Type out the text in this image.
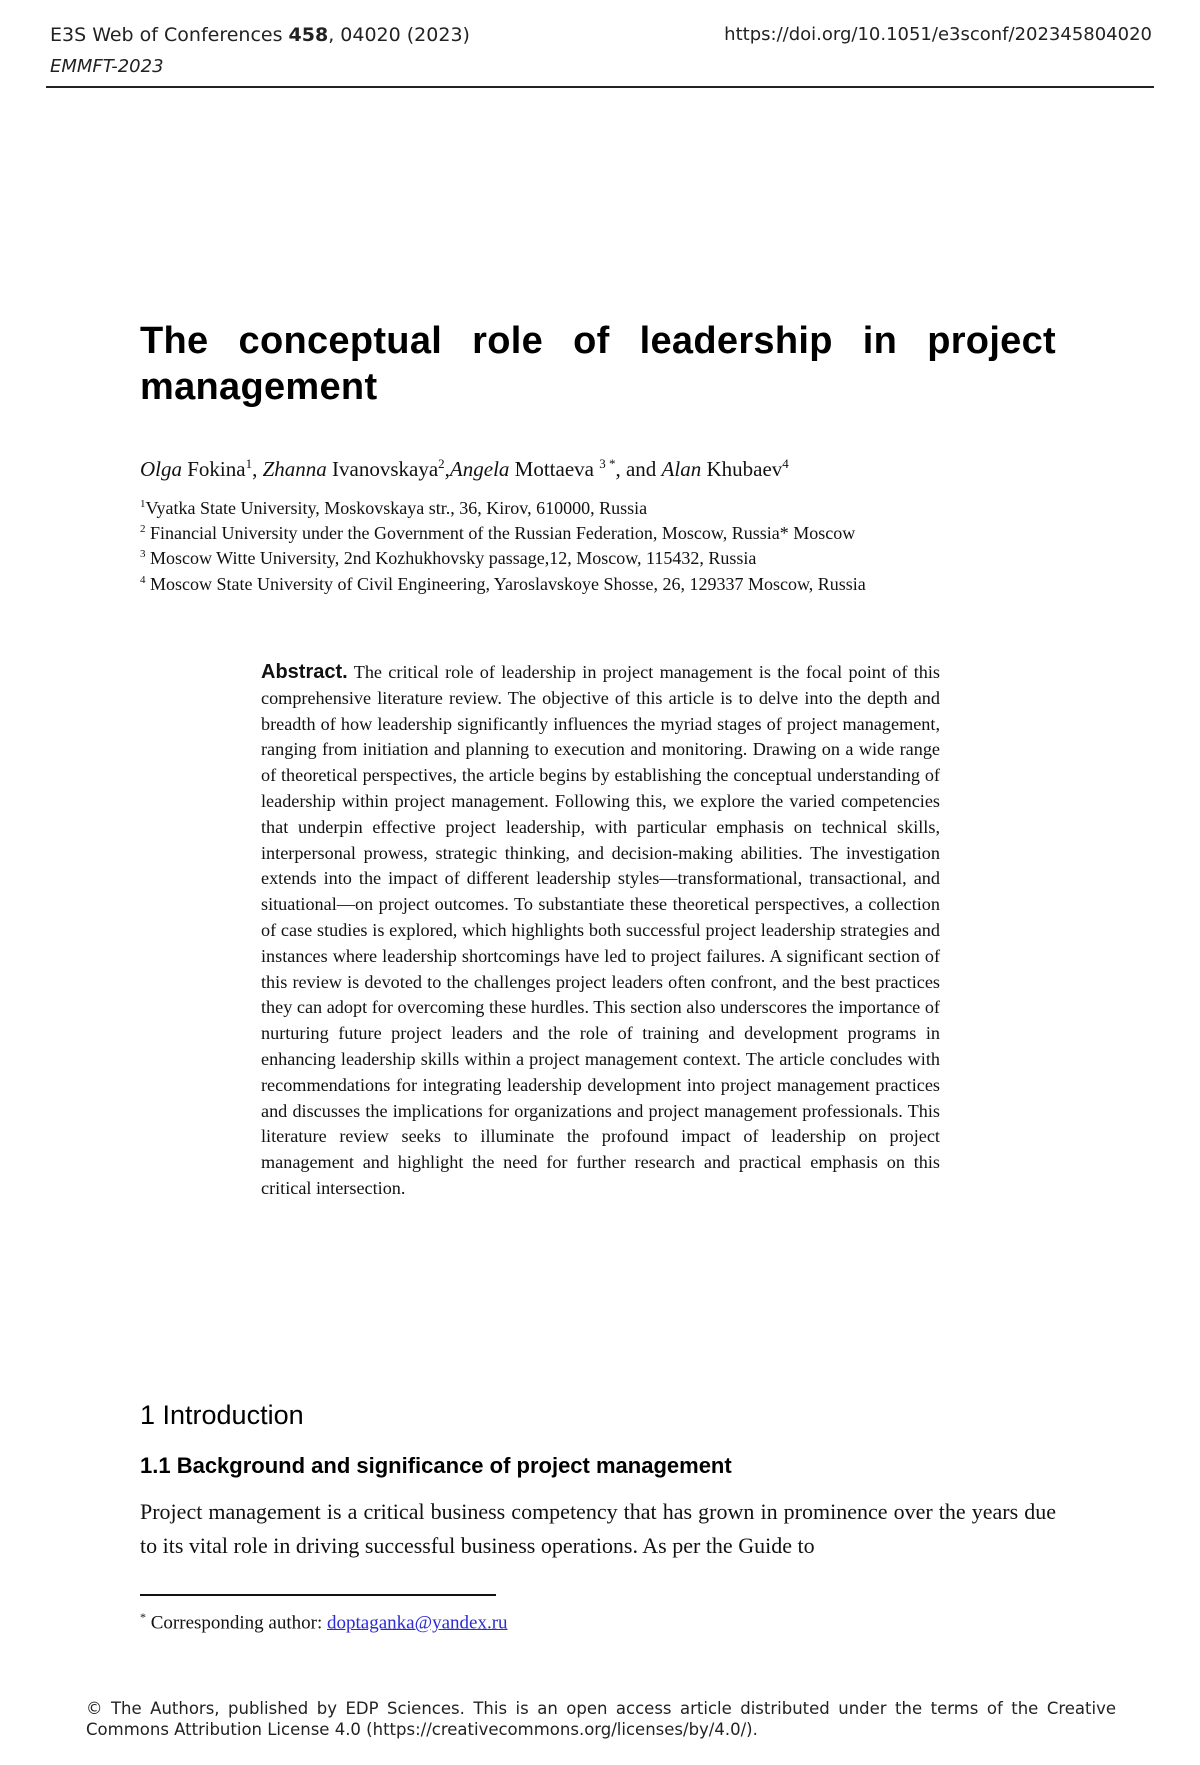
E3S Web of Conferences 458, 04020 (2023)
EMMFT-2023
https://doi.org/10.1051/e3sconf/202345804020
The conceptual role of leadership in project management
Olga Fokina$^1$, Zhanna Ivanovskaya$^2$,Angela Mottaeva $^{3 *}$, and Alan Khubaev$^4$
$^1$Vyatka State University, Moskovskaya str., 36, Kirov, 610000, Russia
$^2$ Financial University under the Government of the Russian Federation, Moscow, Russia* Moscow
$^3$ Moscow Witte University, 2nd Kozhukhovsky passage,12, Moscow, 115432, Russia
$^4$ Moscow State University of Civil Engineering, Yaroslavskoye Shosse, 26, 129337 Moscow, Russia
Abstract. The critical role of leadership in project management is the focal point of this comprehensive literature review. The objective of this article is to delve into the depth and breadth of how leadership significantly influences the myriad stages of project management, ranging from initiation and planning to execution and monitoring. Drawing on a wide range of theoretical perspectives, the article begins by establishing the conceptual understanding of leadership within project management. Following this, we explore the varied competencies that underpin effective project leadership, with particular emphasis on technical skills, interpersonal prowess, strategic thinking, and decision-making abilities. The investigation extends into the impact of different leadership styles—transformational, transactional, and situational—on project outcomes. To substantiate these theoretical perspectives, a collection of case studies is explored, which highlights both successful project leadership strategies and instances where leadership shortcomings have led to project failures. A significant section of this review is devoted to the challenges project leaders often confront, and the best practices they can adopt for overcoming these hurdles. This section also underscores the importance of nurturing future project leaders and the role of training and development programs in enhancing leadership skills within a project management context. The article concludes with recommendations for integrating leadership development into project management practices and discusses the implications for organizations and project management professionals. This literature review seeks to illuminate the profound impact of leadership on project management and highlight the need for further research and practical emphasis on this critical intersection.
1 Introduction
1.1 Background and significance of project management
Project management is a critical business competency that has grown in prominence over the years due to its vital role in driving successful business operations. As per the Guide to
* Corresponding author: doptaganka@yandex.ru
© The Authors, published by EDP Sciences. This is an open access article distributed under the terms of the Creative Commons Attribution License 4.0 (https://creativecommons.org/licenses/by/4.0/).
